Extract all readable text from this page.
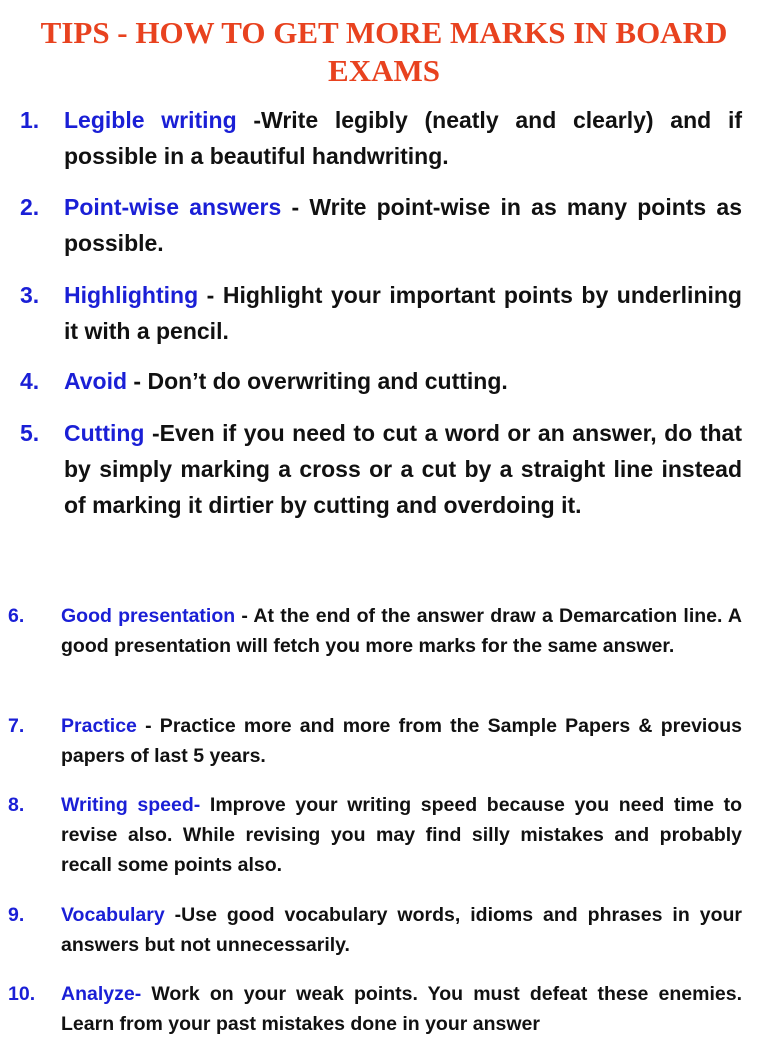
TIPS - HOW TO GET MORE MARKS IN BOARD EXAMS
1.	Legible writing -Write legibly (neatly and clearly) and if possible in a beautiful handwriting.
2.	Point-wise answers - Write point-wise in as many points as possible.
3.	Highlighting - Highlight your important points by underlining it with a pencil.
4.	Avoid - Don’t do overwriting and cutting.
5.	Cutting -Even if you need to cut a word or an answer, do that by simply marking a cross or a cut by a straight line instead of marking it dirtier by cutting and overdoing it.
6.	Good presentation - At the end of the answer draw a Demarcation line. A good presentation will fetch you more marks for the same answer.
7.	Practice - Practice more and more from the Sample Papers & previous papers of last 5 years.
8.	Writing speed- Improve your writing speed because you need time to revise also. While revising you may find silly mistakes and probably recall some points also.
9.	Vocabulary -Use good vocabulary words, idioms and phrases in your answers but not unnecessarily.
10.	Analyze- Work on your weak points. You must defeat these enemies. Learn from your past mistakes done in your answer
